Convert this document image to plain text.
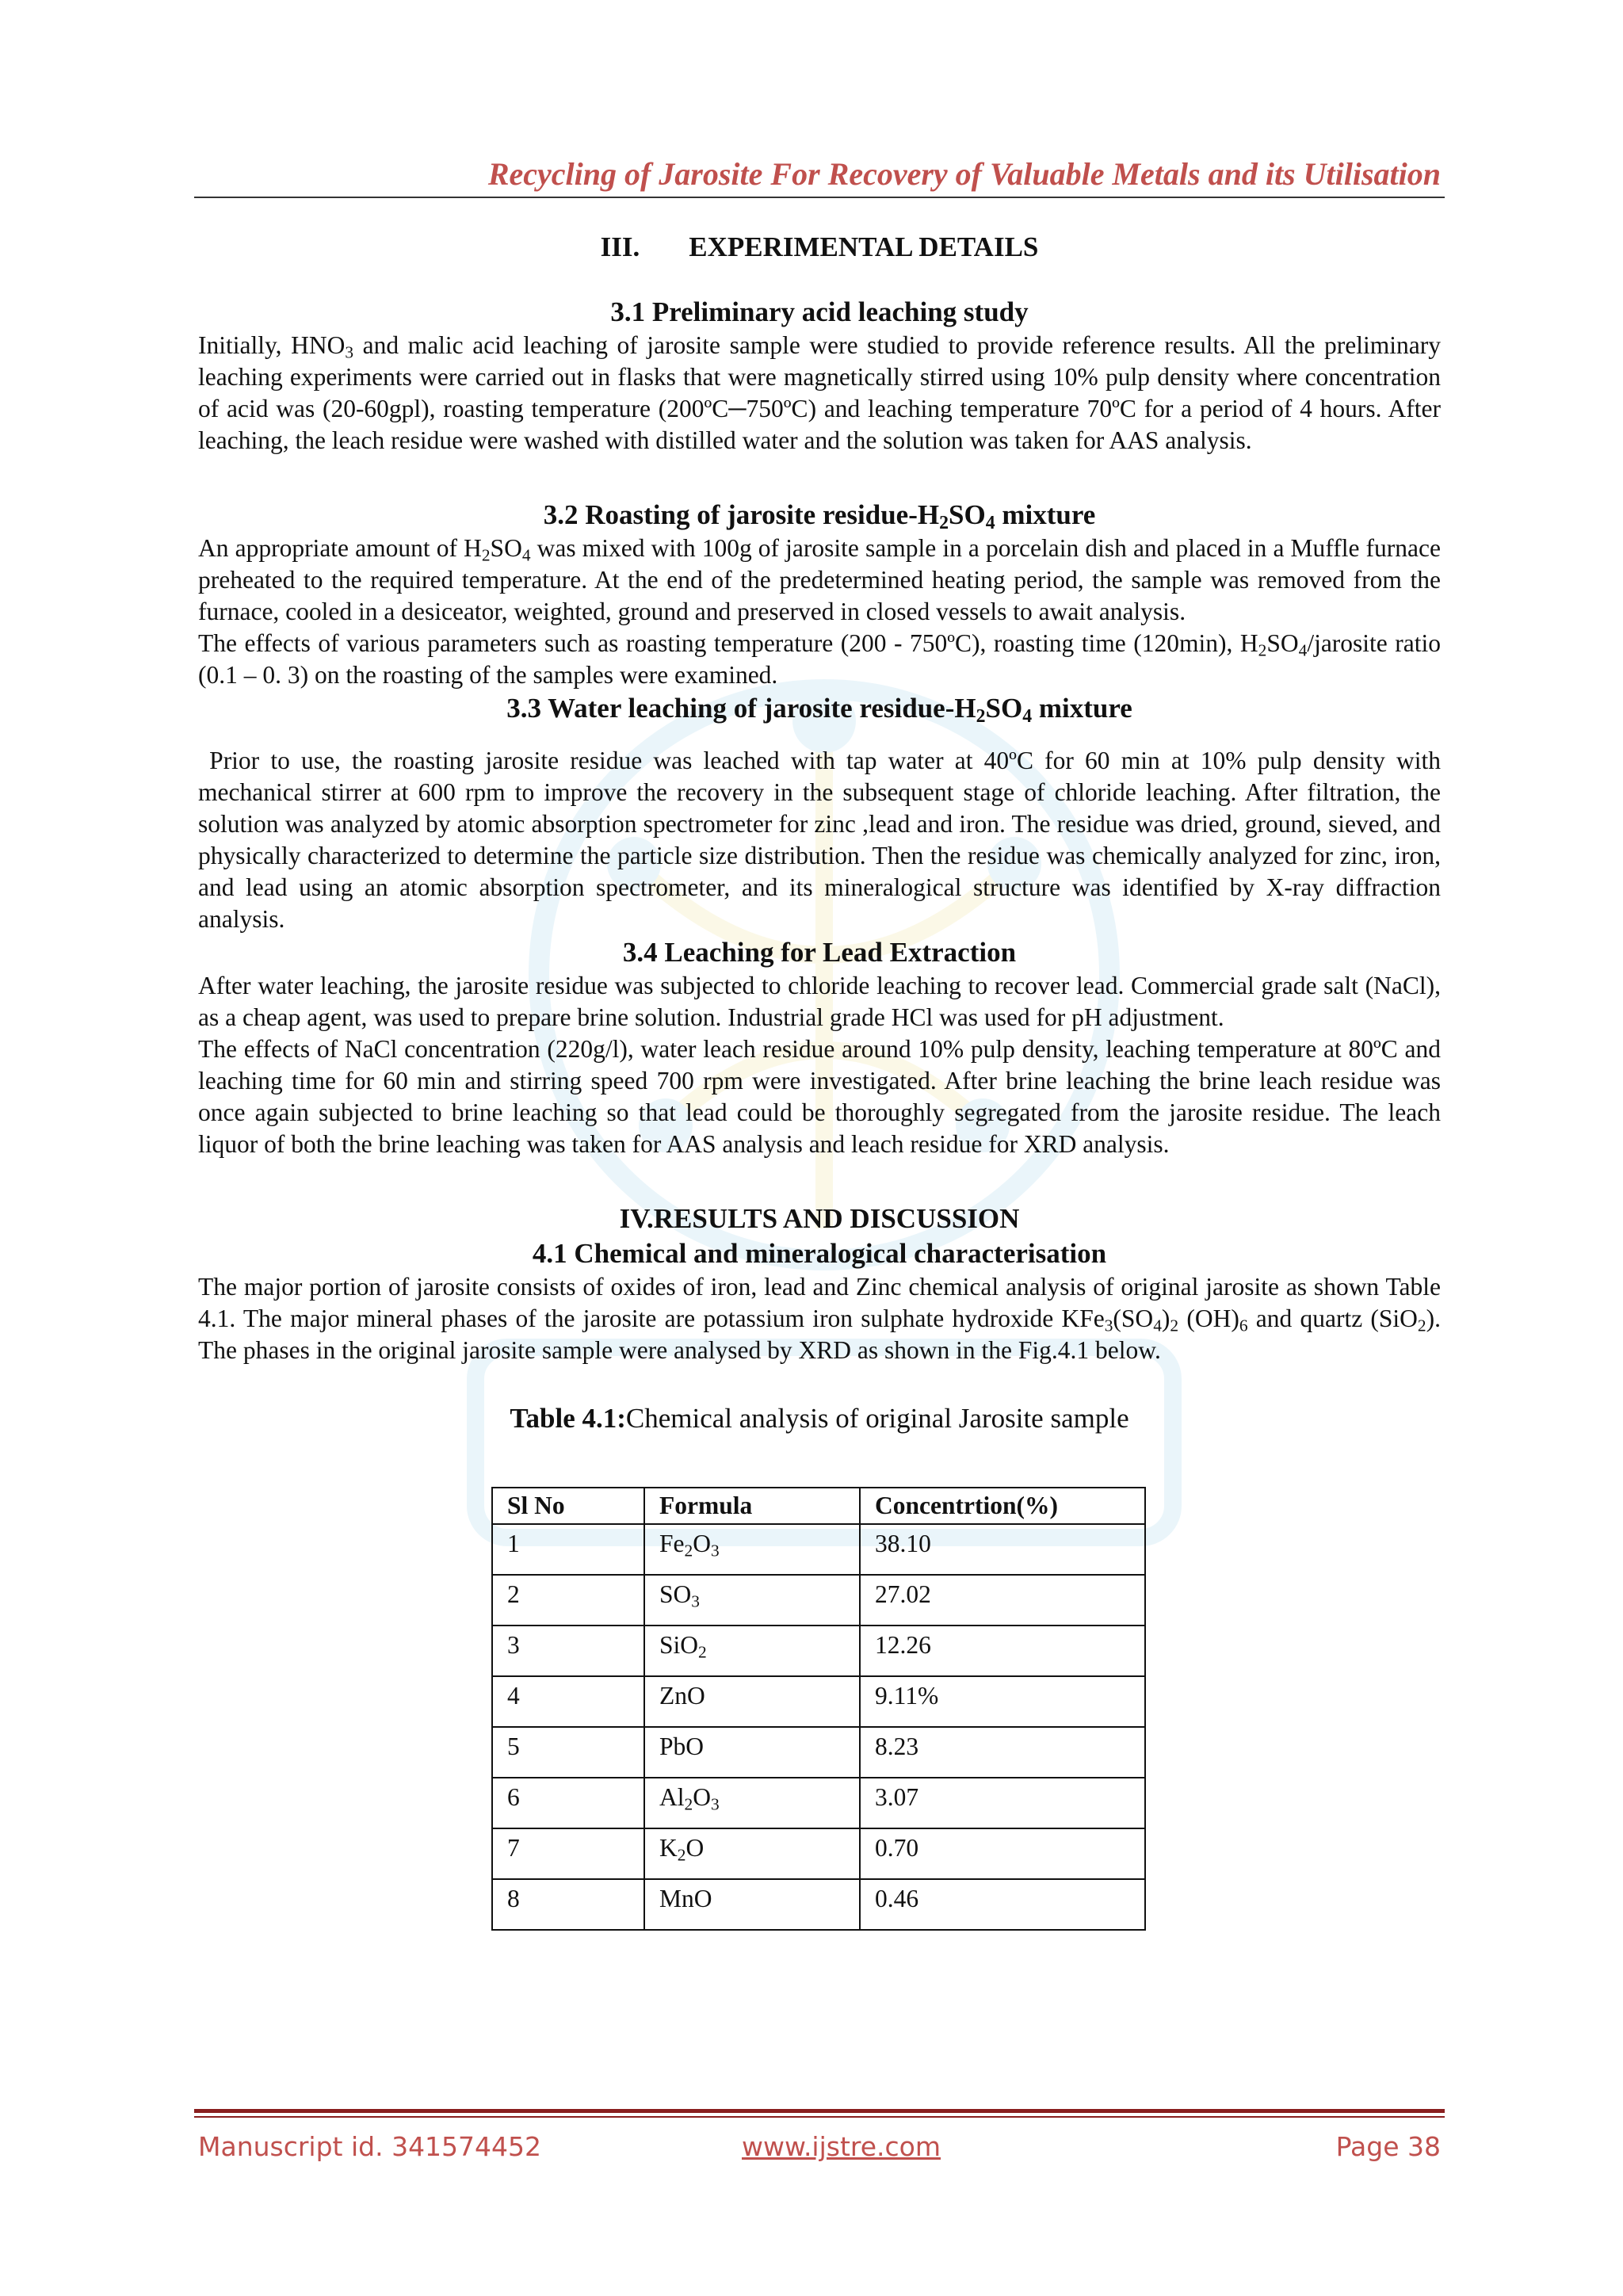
Recycling of Jarosite For Recovery of Valuable Metals and its Utilisation
III. EXPERIMENTAL DETAILS
3.1 Preliminary acid leaching study

Initially, $HNO_3$ and malic acid leaching of jarosite sample were studied to provide reference results. All the preliminary leaching experiments were carried out in flasks that were magnetically stirred using 10% pulp density where concentration of acid was (20-60gpl), roasting temperature (200ºC─750ºC) and leaching temperature 70ºC for a period of 4 hours. After leaching, the leach residue were washed with distilled water and the solution was taken for AAS analysis.

3.2 Roasting of jarosite residue-$H_2SO_4$ mixture

An appropriate amount of $H_2SO_4$ was mixed with 100g of jarosite sample in a porcelain dish and placed in a Muffle furnace preheated to the required temperature. At the end of the predetermined heating period, the sample was removed from the furnace, cooled in a desiceator, weighted, ground and preserved in closed vessels to await analysis.

The effects of various parameters such as roasting temperature (200 - 750ºC), roasting time (120min), $H_2SO_4$/jarosite ratio (0.1 – 0. 3) on the roasting of the samples were examined.

3.3 Water leaching of jarosite residue-$H_2SO_4$ mixture

Prior to use, the roasting jarosite residue was leached with tap water at 40ºC for 60 min at 10% pulp density with mechanical stirrer at 600 rpm to improve the recovery in the subsequent stage of chloride leaching. After filtration, the solution was analyzed by atomic absorption spectrometer for zinc ,lead and iron. The residue was dried, ground, sieved, and physically characterized to determine the particle size distribution. Then the residue was chemically analyzed for zinc, iron, and lead using an atomic absorption spectrometer, and its mineralogical structure was identified by X-ray diffraction analysis.

3.4 Leaching for Lead Extraction

After water leaching, the jarosite residue was subjected to chloride leaching to recover lead. Commercial grade salt (NaCl), as a cheap agent, was used to prepare brine solution. Industrial grade HCl was used for pH adjustment.

The effects of NaCl concentration (220g/l), water leach residue around 10% pulp density, leaching temperature at 80ºC and leaching time for 60 min and stirring speed 700 rpm were investigated. After brine leaching the brine leach residue was once again subjected to brine leaching so that lead could be thoroughly segregated from the jarosite residue. The leach liquor of both the brine leaching was taken for AAS analysis and leach residue for XRD analysis.

IV.RESULTS AND DISCUSSION
4.1 Chemical and mineralogical characterisation

The major portion of jarosite consists of oxides of iron, lead and Zinc chemical analysis of original jarosite as shown Table 4.1. The major mineral phases of the jarosite are potassium iron sulphate hydroxide $KFe_3(SO_4)_2$ $(OH)_6$ and quartz (SiO$_2$). The phases in the original jarosite sample were analysed by XRD as shown in the Fig.4.1 below.

Table 4.1:Chemical analysis of original Jarosite sample
Sl No	Formula	Concentrtion(%)
1	$Fe_2O_3$	38.10
2	$SO_3$	27.02
3	SiO$_2$	12.26
4	ZnO	9.11%
5	PbO	8.23
6	$Al_2O_3$	3.07
7	$K_2O$	0.70
8	MnO	0.46
Manuscript id. 341574452	www.ijstre.com	Page 38
